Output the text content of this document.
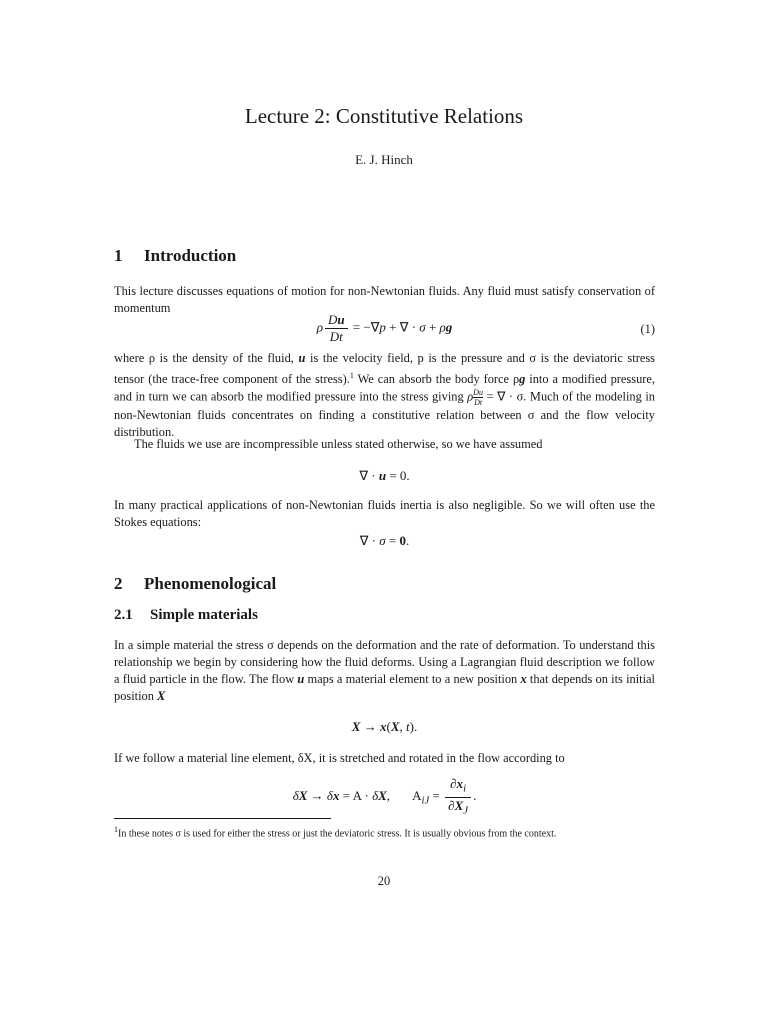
Lecture 2: Constitutive Relations
E. J. Hinch
1 Introduction
This lecture discusses equations of motion for non-Newtonian fluids. Any fluid must satisfy conservation of momentum
ρ $\frac{Du}{Dt} = -\nabla p$ + ∇ · σ + ρg	(1)
where ρ is the density of the fluid, u is the velocity field, p is the pressure and σ is the deviatoric stress tensor (the trace-free component of the stress).$^1$ We can absorb the body force ρg into a modified pressure, and in turn we can absorb the modified pressure into the stress giving ρ $\frac{Du}{Dt}$ = ∇ · σ. Much of the modeling in non-Newtonian fluids concentrates on finding a constitutive relation between σ and the flow velocity distribution.
The fluids we use are incompressible unless stated otherwise, so we have assumed
∇ · u = 0.
In many practical applications of non-Newtonian fluids inertia is also negligible. So we will often use the Stokes equations:
∇ · σ = 0.
2 Phenomenological
2.1 Simple materials
In a simple material the stress σ depends on the deformation and the rate of deformation. To understand this relationship we begin by considering how the fluid deforms. Using a Lagrangian fluid description we follow a fluid particle in the flow. The flow u maps a material element to a new position x that depends on its initial position X
X → x(X, t).
If we follow a material line element, δX, it is stretched and rotated in the flow according to
δX → δx = A · δX,       $A_{iJ} = \frac{\partial x_i}{\partial X_J}$ .
$^1$In these notes σ is used for either the stress or just the deviatoric stress. It is usually obvious from the context.
20
